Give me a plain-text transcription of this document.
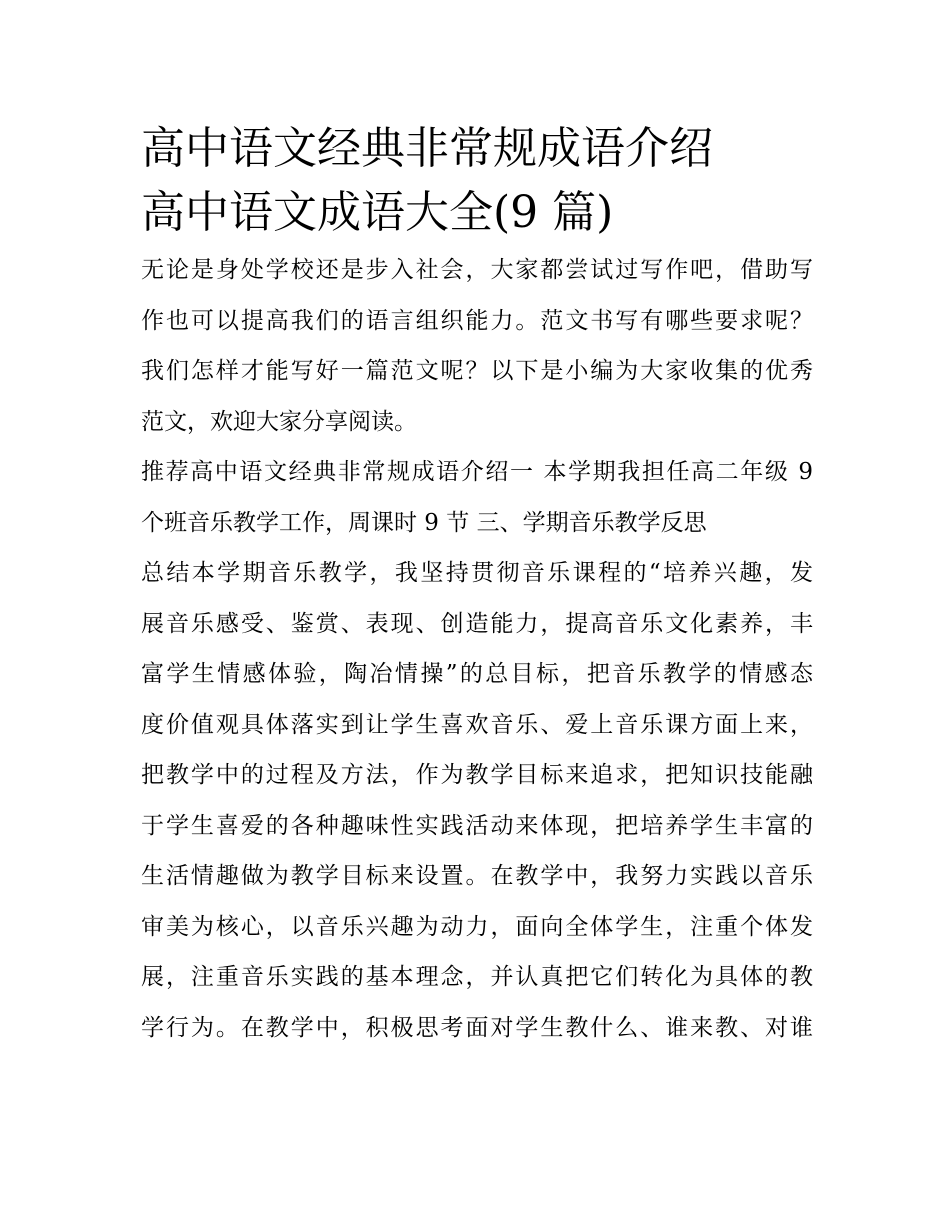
高中语文经典非常规成语介绍
高中语文成语大全(9 篇)

无论是身处学校还是步入社会，大家都尝试过写作吧，借助写
作也可以提高我们的语言组织能力。范文书写有哪些要求呢？
我们怎样才能写好一篇范文呢？以下是小编为大家收集的优秀
范文，欢迎大家分享阅读。

推荐高中语文经典非常规成语介绍一 本学期我担任高二年级 9
个班音乐教学工作，周课时 9 节 三、学期音乐教学反思

总结本学期音乐教学，我坚持贯彻音乐课程的“培养兴趣，发
展音乐感受、鉴赏、表现、创造能力，提高音乐文化素养，丰
富学生情感体验，陶冶情操”的总目标，把音乐教学的情感态
度价值观具体落实到让学生喜欢音乐、爱上音乐课方面上来，
把教学中的过程及方法，作为教学目标来追求，把知识技能融
于学生喜爱的各种趣味性实践活动来体现，把培养学生丰富的
生活情趣做为教学目标来设置。在教学中，我努力实践以音乐
审美为核心，以音乐兴趣为动力，面向全体学生，注重个体发
展，注重音乐实践的基本理念，并认真把它们转化为具体的教
学行为。在教学中，积极思考面对学生教什么、谁来教、对谁
